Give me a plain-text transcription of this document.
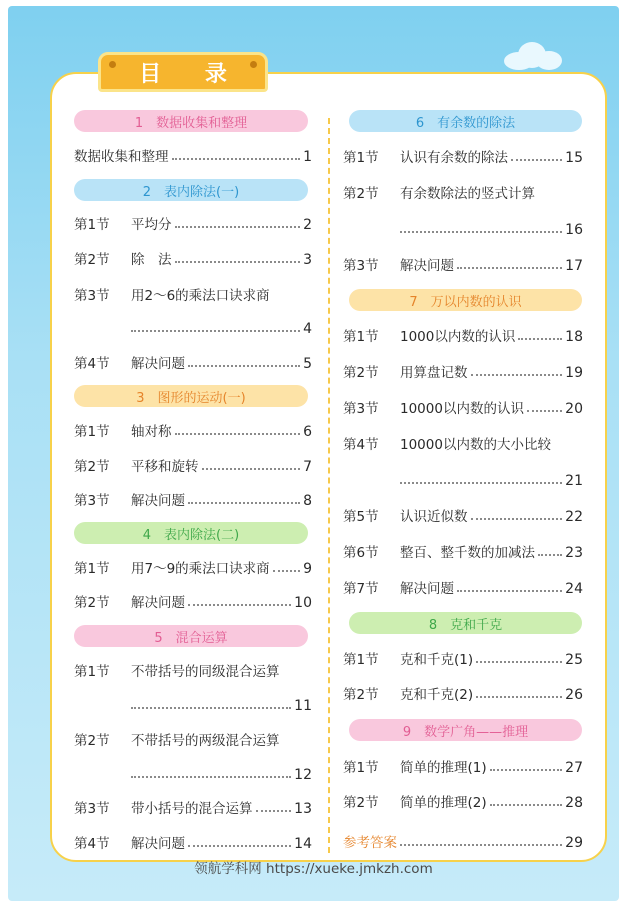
目 录
1　数据收集和整理
数据收集和整理	1
2　表内除法(一)
第1节	平均分	2
第2节	除　法	3
第3节	用2～6的乘法口诀求商
4
第4节	解决问题	5
3　图形的运动(一)
第1节	轴对称	6
第2节	平移和旋转	7
第3节	解决问题	8
4　表内除法(二)
第1节	用7～9的乘法口诀求商 9
第2节	解决问题	10
5　混合运算
第1节	不带括号的同级混合运算
11
第2节	不带括号的两级混合运算
12
第3节	带小括号的混合运算	13
第4节	解决问题	14
6　有余数的除法
第1节	认识有余数的除法	15
第2节	有余数除法的竖式计算
16
第3节	解决问题	17
7　万以内数的认识
第1节	1000以内数的认识	18
第2节	用算盘记数	19
第3节	10000以内数的认识	20
第4节	10000以内数的大小比较
21
第5节	认识近似数	22
第6节	整百、整千数的加减法 23
第7节	解决问题	24
8　克和千克
第1节	克和千克(1)	25
第2节	克和千克(2)	26
9　数学广角——推理
第1节	简单的推理(1)	27
第2节	简单的推理(2)	28
参考答案	29
领航学科网 https://xueke.jmkzh.com
